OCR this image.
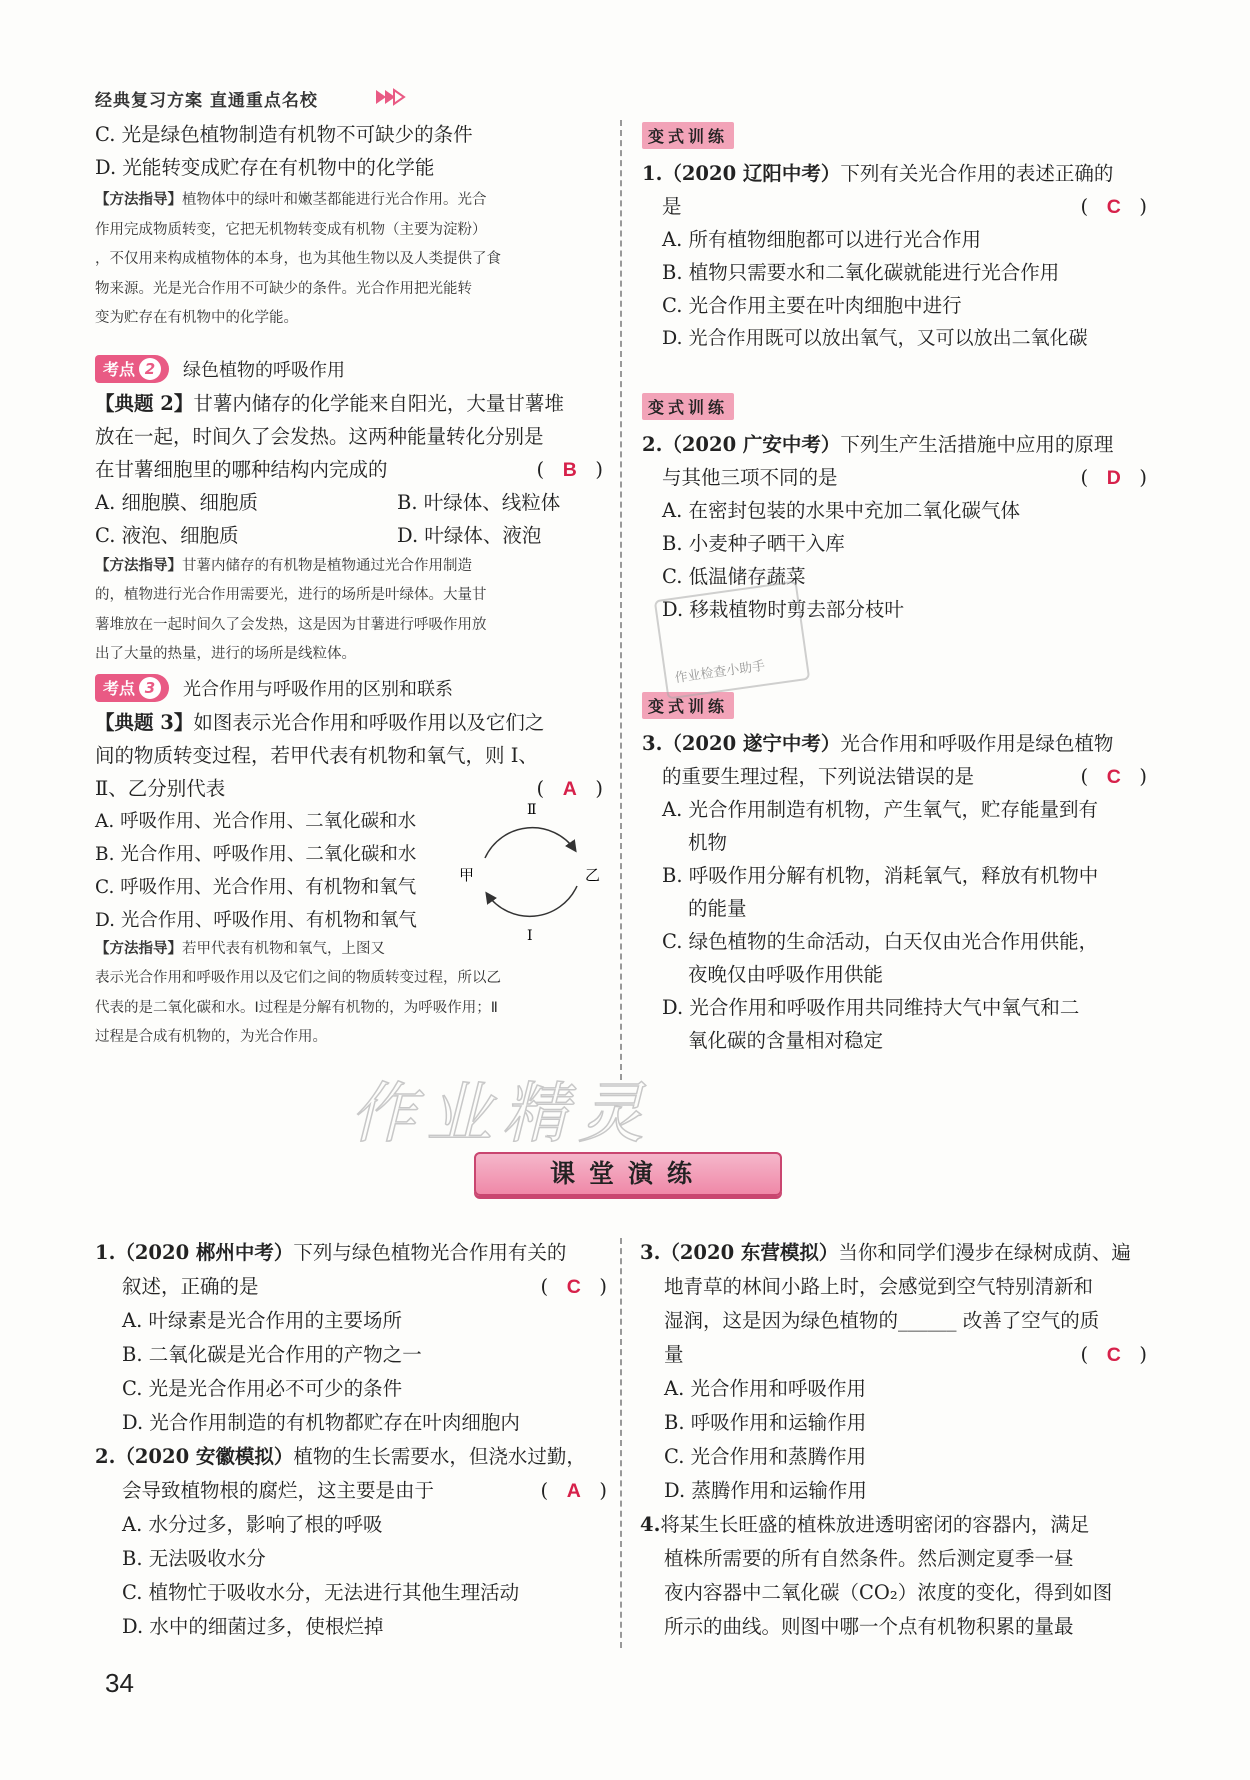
经典复习方案 直通重点名校
C. 光是绿色植物制造有机物不可缺少的条件
D. 光能转变成贮存在有机物中的化学能
【方法指导】植物体中的绿叶和嫩茎都能进行光合作用。光合
作用完成物质转变，它把无机物转变成有机物（主要为淀粉）
，不仅用来构成植物体的本身，也为其他生物以及人类提供了食
物来源。光是光合作用不可缺少的条件。光合作用把光能转
变为贮存在有机物中的化学能。
考点 2	绿色植物的呼吸作用
【典题 2】甘薯内储存的化学能来自阳光，大量甘薯堆
放在一起，时间久了会发热。这两种能量转化分别是
在甘薯细胞里的哪种结构内完成的	(   B   )
A. 细胞膜、细胞质	B. 叶绿体、线粒体
C. 液泡、细胞质	D. 叶绿体、液泡
【方法指导】甘薯内储存的有机物是植物通过光合作用制造
的，植物进行光合作用需要光，进行的场所是叶绿体。大量甘
薯堆放在一起时间久了会发热，这是因为甘薯进行呼吸作用放
出了大量的热量，进行的场所是线粒体。
考点 3	光合作用与呼吸作用的区别和联系
【典题 3】如图表示光合作用和呼吸作用以及它们之
间的物质转变过程，若甲代表有机物和氧气，则 Ⅰ、
Ⅱ、乙分别代表	(   A   )
A. 呼吸作用、光合作用、二氧化碳和水
B. 光合作用、呼吸作用、二氧化碳和水
C. 呼吸作用、光合作用、有机物和氧气
D. 光合作用、呼吸作用、有机物和氧气
Ⅱ
Ⅰ
甲	乙
【方法指导】若甲代表有机物和氧气，上图又
表示光合作用和呼吸作用以及它们之间的物质转变过程，所以乙
代表的是二氧化碳和水。Ⅰ过程是分解有机物的，为呼吸作用；Ⅱ
过程是合成有机物的，为光合作用。
变式训练
1.（2020 辽阳中考）下列有关光合作用的表述正确的
是	(   C   )
A. 所有植物细胞都可以进行光合作用
B. 植物只需要水和二氧化碳就能进行光合作用
C. 光合作用主要在叶肉细胞中进行
D. 光合作用既可以放出氧气，又可以放出二氧化碳
变式训练
2.（2020 广安中考）下列生产生活措施中应用的原理
与其他三项不同的是	(   D   )
A. 在密封包装的水果中充加二氧化碳气体
B. 小麦种子晒干入库
C. 低温储存蔬菜
D. 移栽植物时剪去部分枝叶
变式训练
3.（2020 遂宁中考）光合作用和呼吸作用是绿色植物
的重要生理过程，下列说法错误的是	(   C   )
A. 光合作用制造有机物，产生氧气，贮存能量到有
机物
B. 呼吸作用分解有机物，消耗氧气，释放有机物中
的能量
C. 绿色植物的生命活动，白天仅由光合作用供能，
夜晚仅由呼吸作用供能
D. 光合作用和呼吸作用共同维持大气中氧气和二
氧化碳的含量相对稳定
作业检查小助手
作业精灵
课堂演练
1.（2020 郴州中考）下列与绿色植物光合作用有关的
叙述，正确的是	(   C   )
A. 叶绿素是光合作用的主要场所
B. 二氧化碳是光合作用的产物之一
C. 光是光合作用必不可少的条件
D. 光合作用制造的有机物都贮存在叶肉细胞内
2.（2020 安徽模拟）植物的生长需要水，但浇水过勤，
会导致植物根的腐烂，这主要是由于	(   A   )
A. 水分过多，影响了根的呼吸
B. 无法吸收水分
C. 植物忙于吸收水分，无法进行其他生理活动
D. 水中的细菌过多，使根烂掉
3.（2020 东营模拟）当你和同学们漫步在绿树成荫、遍
地青草的林间小路上时，会感觉到空气特别清新和
湿润，这是因为绿色植物的______ 改善了空气的质
量	(   C   )
A. 光合作用和呼吸作用
B. 呼吸作用和运输作用
C. 光合作用和蒸腾作用
D. 蒸腾作用和运输作用
4.将某生长旺盛的植株放进透明密闭的容器内，满足
植株所需要的所有自然条件。然后测定夏季一昼
夜内容器中二氧化碳（CO₂）浓度的变化，得到如图
所示的曲线。则图中哪一个点有机物积累的量最
34
